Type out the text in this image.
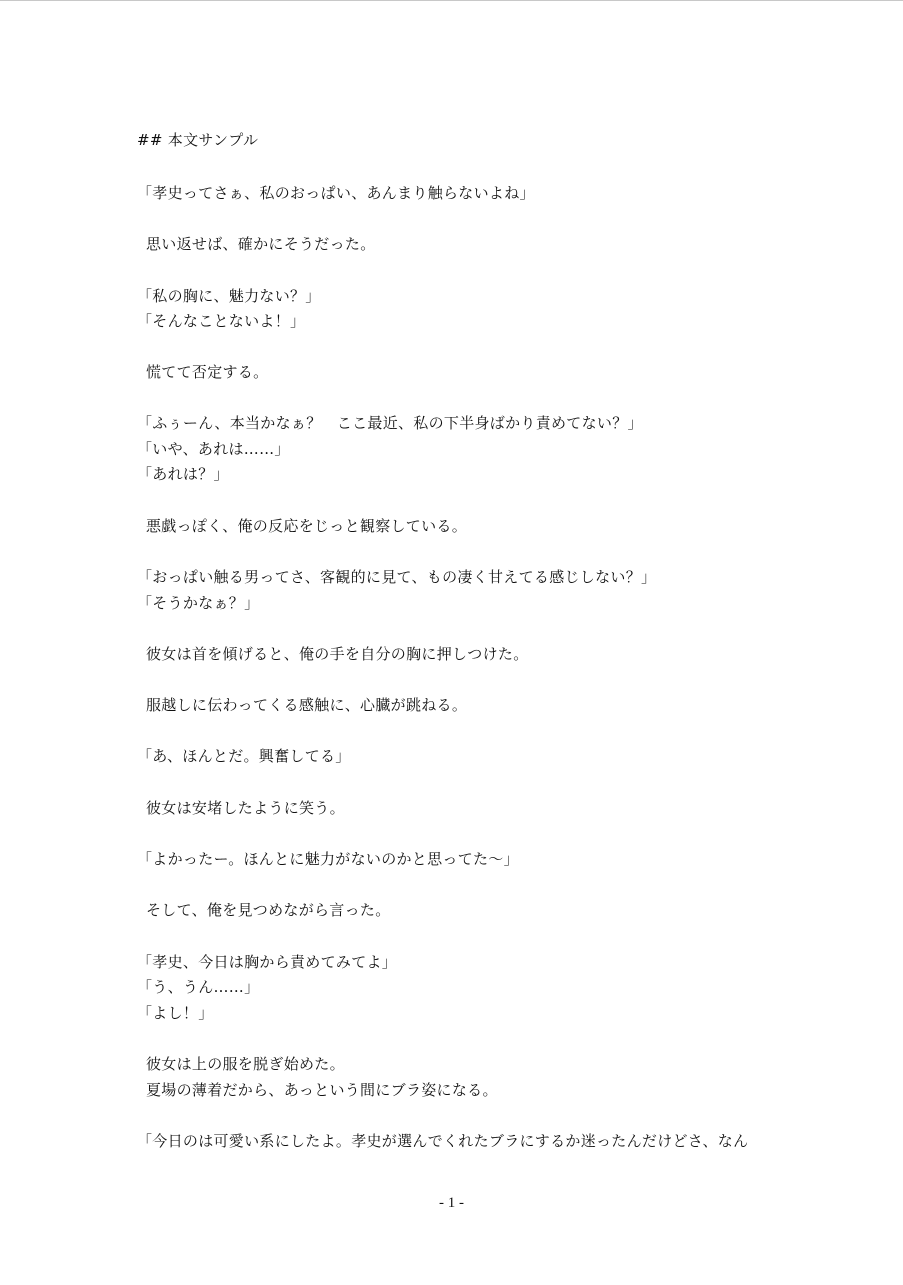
## 本文サンプル
「孝史ってさぁ、私のおっぱい、あんまり触らないよね」
思い返せば、確かにそうだった。
「私の胸に、魅力ない？」
「そんなことないよ！」
慌てて否定する。
「ふぅーん、本当かなぁ？　ここ最近、私の下半身ばかり責めてない？」
「いや、あれは……」
「あれは？」
悪戯っぽく、俺の反応をじっと観察している。
「おっぱい触る男ってさ、客観的に見て、もの凄く甘えてる感じしない？」
「そうかなぁ？」
彼女は首を傾げると、俺の手を自分の胸に押しつけた。
服越しに伝わってくる感触に、心臓が跳ねる。
「あ、ほんとだ。興奮してる」
彼女は安堵したように笑う。
「よかったー。ほんとに魅力がないのかと思ってた～」
そして、俺を見つめながら言った。
「孝史、今日は胸から責めてみてよ」
「う、うん……」
「よし！」
彼女は上の服を脱ぎ始めた。
夏場の薄着だから、あっという間にブラ姿になる。
「今日のは可愛い系にしたよ。孝史が選んでくれたブラにするか迷ったんだけどさ、なん
- 1 -
